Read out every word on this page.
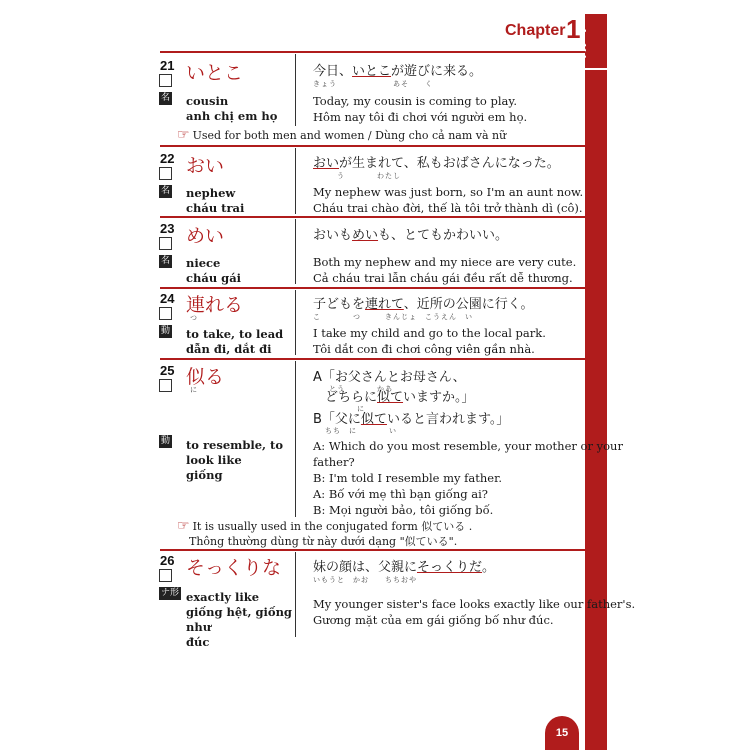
Chapter 1
1 - 114
21
名
いとこ
cousin
anh chị em họ
今日、いとこが遊びに来る。
きょう　　　　　　　あそ　　く
Today, my cousin is coming to play.
Hôm nay tôi đi chơi với người em họ.
☞ Used for both men and women / Dùng cho cả nam và nữ
22
名
おい
nephew
cháu trai
おいが生まれて、私もおばさんになった。
　　　う　　　　わたし
My nephew was just born, so I'm an aunt now.
Cháu trai chào đời, thế là tôi trở thành dì (cô).
23
名
めい
niece
cháu gái
おいもめいも、とてもかわいい。
Both my nephew and my niece are very cute.
Cả cháu trai lẫn cháu gái đều rất dễ thương.
24
動
連れる
つ
to take, to lead
dẫn đi, dắt đi
子どもを連れて、近所の公園に行く。
こ　　　　つ　　　きんじょ　こうえん　い
I take my child and go to the local park.
Tôi dắt con đi chơi công viên gần nhà.
25
動
似る
に
to resemble, to look like
giống
A「お父さんとお母さん、
　　とう　　　　かあ
どちらに似ていますか。」
　　　　に
B「父に似ていると言われます。」
ちち　に　　　　い
A: Which do you most resemble, your mother or your
father?
B: I'm told I resemble my father.
A: Bố với mẹ thì bạn giống ai?
B: Mọi người bảo, tôi giống bố.
☞ It is usually used in the conjugated form 似ている .
Thông thường dùng từ này dưới dạng "似ている".
26
ナ形
そっくりな
exactly like
giống hệt, giống như
đúc
妹の顔は、父親にそっくりだ。
いもうと　かお　　ちちおや
My younger sister's face looks exactly like our father's.
Gương mặt của em gái giống bố như đúc.
15
